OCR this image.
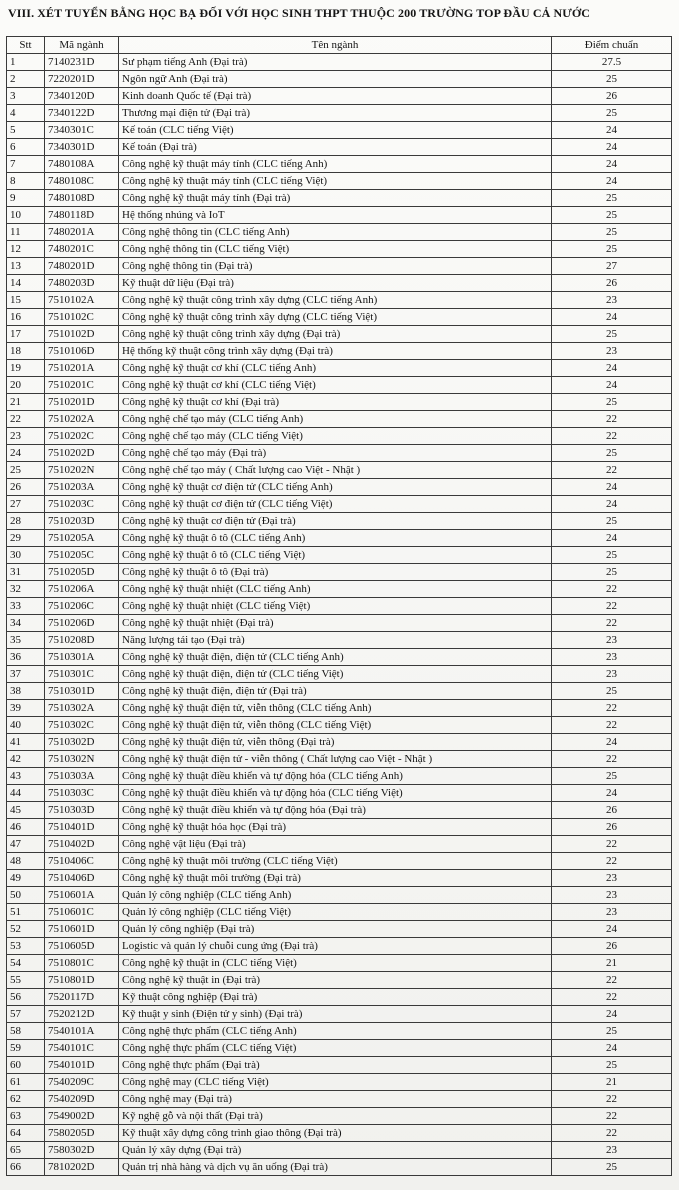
VIII. XÉT TUYỂN BẰNG HỌC BẠ ĐỐI VỚI HỌC SINH THPT THUỘC 200 TRƯỜNG TOP ĐẦU CẢ NƯỚC
Stt	Mã ngành	Tên ngành	Điểm chuẩn
1	7140231D	Sư phạm tiếng Anh (Đại trà)	27.5
2	7220201D	Ngôn ngữ Anh (Đại trà)	25
3	7340120D	Kinh doanh Quốc tế (Đại trà)	26
4	7340122D	Thương mại điện tử (Đại trà)	25
5	7340301C	Kế toán (CLC tiếng Việt)	24
6	7340301D	Kế toán (Đại trà)	24
7	7480108A	Công nghệ kỹ thuật máy tính (CLC tiếng Anh)	24
8	7480108C	Công nghệ kỹ thuật máy tính (CLC tiếng Việt)	24
9	7480108D	Công nghệ kỹ thuật máy tính (Đại trà)	25
10	7480118D	Hệ thống nhúng và IoT	25
11	7480201A	Công nghệ thông tin (CLC tiếng Anh)	25
12	7480201C	Công nghệ thông tin (CLC tiếng Việt)	25
13	7480201D	Công nghệ thông tin (Đại trà)	27
14	7480203D	Kỹ thuật dữ liệu (Đại trà)	26
15	7510102A	Công nghệ kỹ thuật công trình xây dựng (CLC tiếng Anh)	23
16	7510102C	Công nghệ kỹ thuật công trình xây dựng (CLC tiếng Việt)	24
17	7510102D	Công nghệ kỹ thuật công trình xây dựng (Đại trà)	25
18	7510106D	Hệ thống kỹ thuật công trình xây dựng (Đại trà)	23
19	7510201A	Công nghệ kỹ thuật cơ khí (CLC tiếng Anh)	24
20	7510201C	Công nghệ kỹ thuật cơ khí (CLC tiếng Việt)	24
21	7510201D	Công nghệ kỹ thuật cơ khí (Đại trà)	25
22	7510202A	Công nghệ chế tạo máy (CLC tiếng Anh)	22
23	7510202C	Công nghệ chế tạo máy (CLC tiếng Việt)	22
24	7510202D	Công nghệ chế tạo máy (Đại trà)	25
25	7510202N	Công nghệ chế tạo máy ( Chất lượng cao Việt - Nhật )	22
26	7510203A	Công nghệ kỹ thuật cơ điện tử (CLC tiếng Anh)	24
27	7510203C	Công nghệ kỹ thuật cơ điện tử (CLC tiếng Việt)	24
28	7510203D	Công nghệ kỹ thuật cơ điện tử (Đại trà)	25
29	7510205A	Công nghệ kỹ thuật ô tô (CLC tiếng Anh)	24
30	7510205C	Công nghệ kỹ thuật ô tô (CLC tiếng Việt)	25
31	7510205D	Công nghệ kỹ thuật ô tô (Đại trà)	25
32	7510206A	Công nghệ kỹ thuật nhiệt (CLC tiếng Anh)	22
33	7510206C	Công nghệ kỹ thuật nhiệt (CLC tiếng Việt)	22
34	7510206D	Công nghệ kỹ thuật nhiệt (Đại trà)	22
35	7510208D	Năng lượng tái tạo (Đại trà)	23
36	7510301A	Công nghệ kỹ thuật điện, điện tử (CLC tiếng Anh)	23
37	7510301C	Công nghệ kỹ thuật điện, điện tử (CLC tiếng Việt)	23
38	7510301D	Công nghệ kỹ thuật điện, điện tử (Đại trà)	25
39	7510302A	Công nghệ kỹ thuật điện tử, viễn thông (CLC tiếng Anh)	22
40	7510302C	Công nghệ kỹ thuật điện tử, viễn thông (CLC tiếng Việt)	22
41	7510302D	Công nghệ kỹ thuật điện tử, viễn thông (Đại trà)	24
42	7510302N	Công nghệ kỹ thuật điện tử - viễn thông ( Chất lượng cao Việt - Nhật )	22
43	7510303A	Công nghệ kỹ thuật điều khiển và tự động hóa (CLC tiếng Anh)	25
44	7510303C	Công nghệ kỹ thuật điều khiển và tự động hóa (CLC tiếng Việt)	24
45	7510303D	Công nghệ kỹ thuật điều khiển và tự động hóa (Đại trà)	26
46	7510401D	Công nghệ kỹ thuật hóa học (Đại trà)	26
47	7510402D	Công nghệ vật liệu (Đại trà)	22
48	7510406C	Công nghệ kỹ thuật môi trường (CLC tiếng Việt)	22
49	7510406D	Công nghệ kỹ thuật môi trường (Đại trà)	23
50	7510601A	Quản lý công nghiệp (CLC tiếng Anh)	23
51	7510601C	Quản lý công nghiệp (CLC tiếng Việt)	23
52	7510601D	Quản lý công nghiệp (Đại trà)	24
53	7510605D	Logistic và quản lý chuỗi cung ứng (Đại trà)	26
54	7510801C	Công nghệ kỹ thuật in (CLC tiếng Việt)	21
55	7510801D	Công nghệ kỹ thuật in (Đại trà)	22
56	7520117D	Kỹ thuật công nghiệp (Đại trà)	22
57	7520212D	Kỹ thuật y sinh (Điện tử y sinh) (Đại trà)	24
58	7540101A	Công nghệ thực phẩm (CLC tiếng Anh)	25
59	7540101C	Công nghệ thực phẩm (CLC tiếng Việt)	24
60	7540101D	Công nghệ thực phẩm (Đại trà)	25
61	7540209C	Công nghệ may (CLC tiếng Việt)	21
62	7540209D	Công nghệ may (Đại trà)	22
63	7549002D	Kỹ nghệ gỗ và nội thất (Đại trà)	22
64	7580205D	Kỹ thuật xây dựng công trình giao thông (Đại trà)	22
65	7580302D	Quản lý xây dựng (Đại trà)	23
66	7810202D	Quản trị nhà hàng và dịch vụ ăn uống (Đại trà)	25
